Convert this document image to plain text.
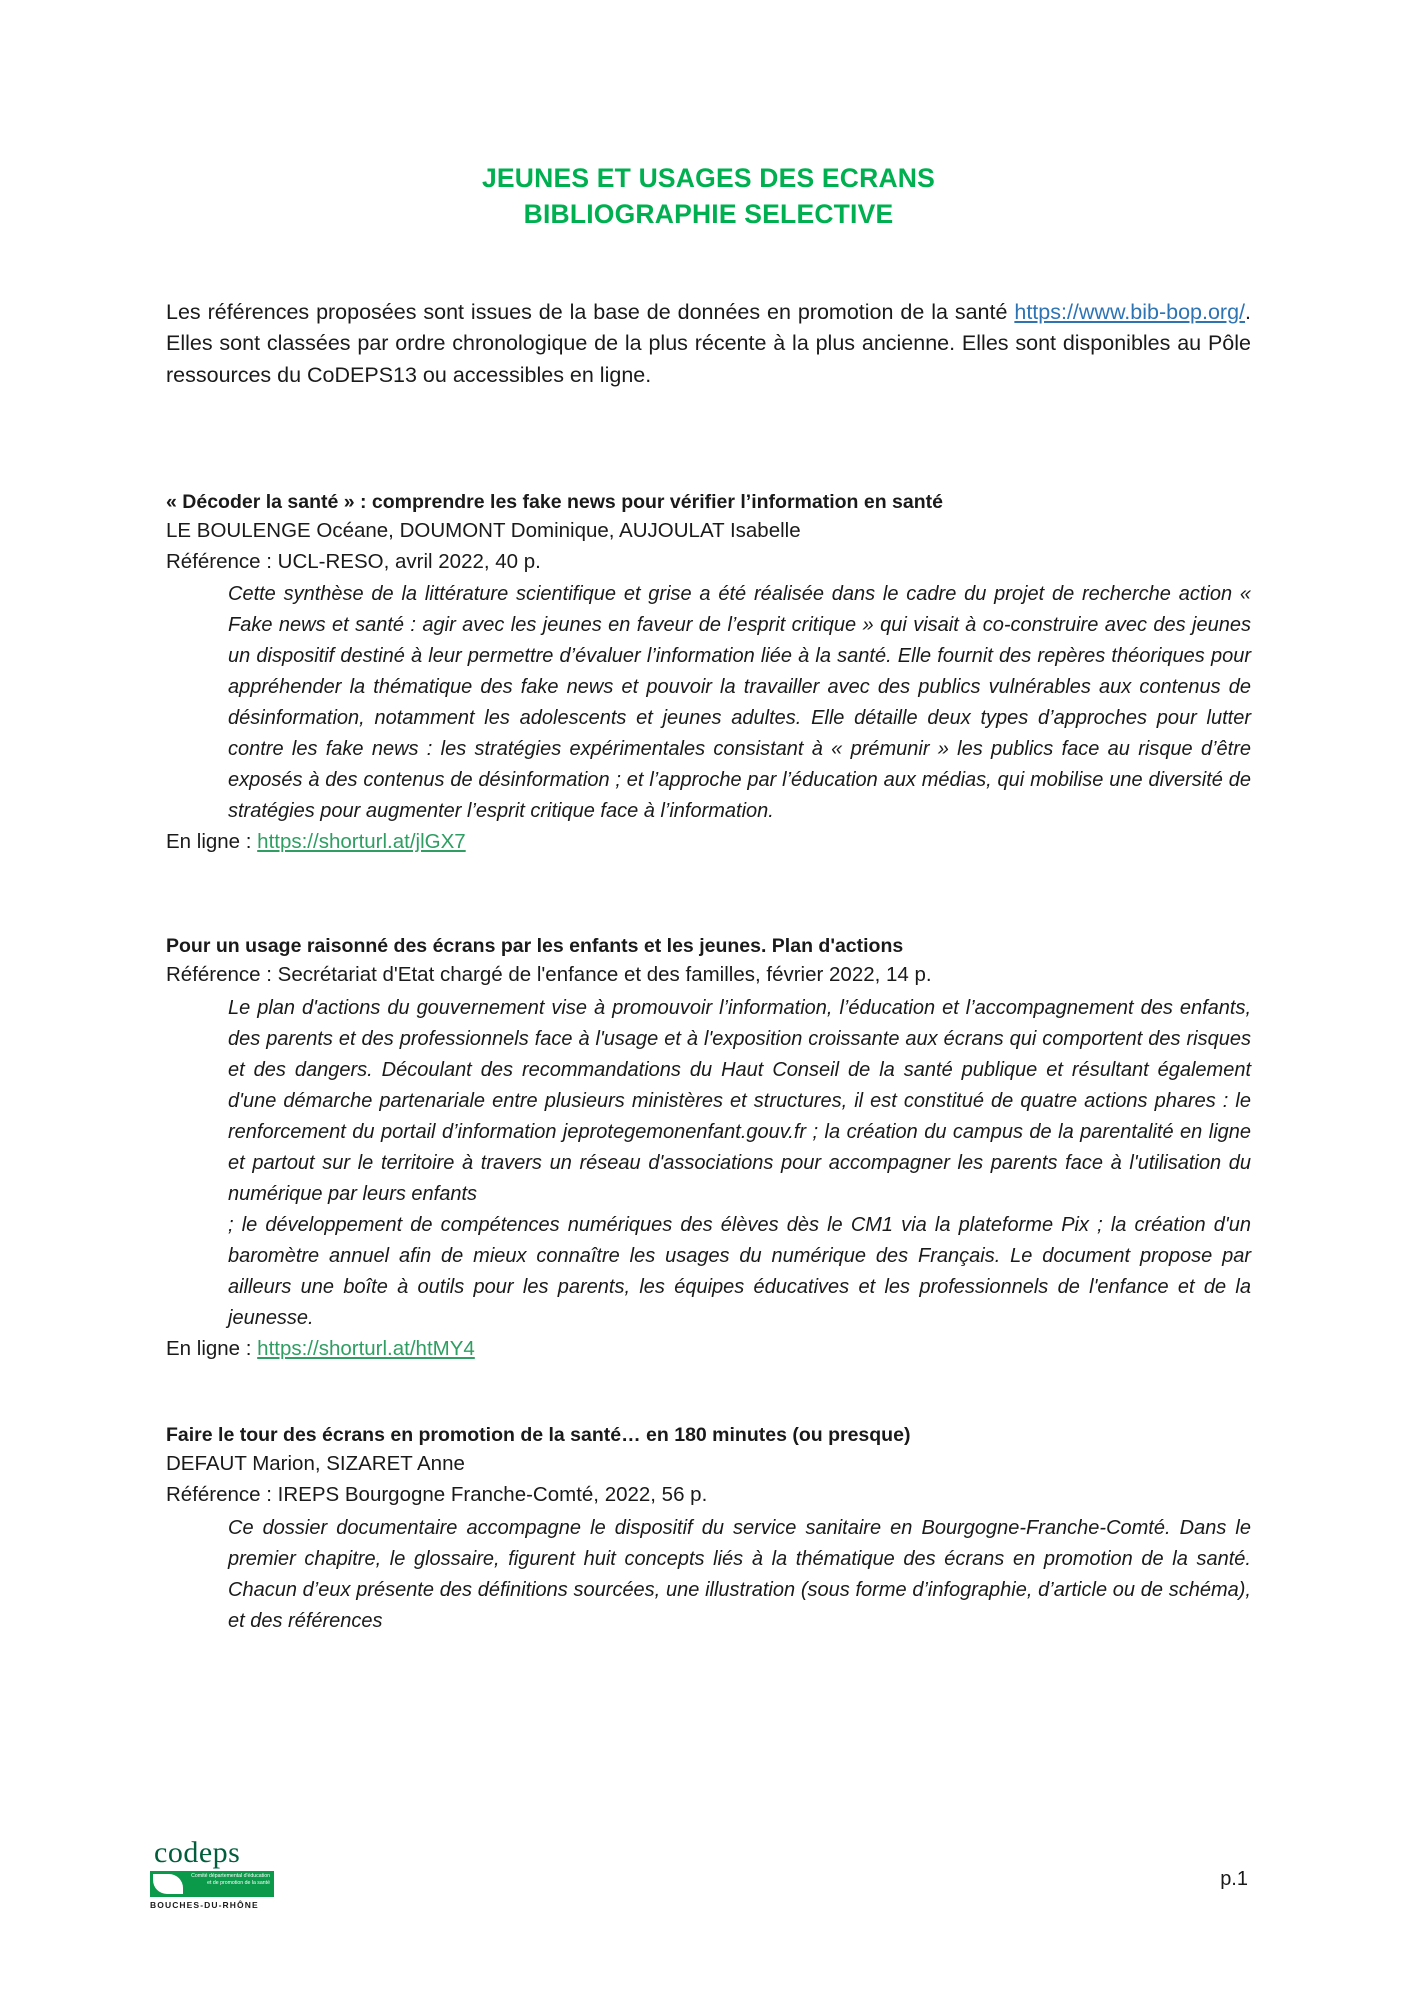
JEUNES ET USAGES DES ECRANS
BIBLIOGRAPHIE SELECTIVE

Les références proposées sont issues de la base de données en promotion de la santé https://www.bib-bop.org/. Elles sont classées par ordre chronologique de la plus récente à la plus ancienne. Elles sont disponibles au Pôle ressources du CoDEPS13 ou accessibles en ligne.

« Décoder la santé » : comprendre les fake news pour vérifier l’information en santé
LE BOULENGE Océane, DOUMONT Dominique, AUJOULAT Isabelle
Référence : UCL-RESO, avril 2022, 40 p.

Cette synthèse de la littérature scientifique et grise a été réalisée dans le cadre du projet de recherche action « Fake news et santé : agir avec les jeunes en faveur de l’esprit critique » qui visait à co-construire avec des jeunes un dispositif destiné à leur permettre d’évaluer l’information liée à la santé. Elle fournit des repères théoriques pour appréhender la thématique des fake news et pouvoir la travailler avec des publics vulnérables aux contenus de désinformation, notamment les adolescents et jeunes adultes. Elle détaille deux types d’approches pour lutter contre les fake news : les stratégies expérimentales consistant à « prémunir » les publics face au risque d’être exposés à des contenus de désinformation ; et l’approche par l’éducation aux médias, qui mobilise une diversité de stratégies pour augmenter l’esprit critique face à l’information.

En ligne : https://shorturl.at/jlGX7
Pour un usage raisonné des écrans par les enfants et les jeunes. Plan d'actions
Référence : Secrétariat d'Etat chargé de l'enfance et des familles, février 2022, 14 p.

Le plan d'actions du gouvernement vise à promouvoir l’information, l’éducation et l’accompagnement des enfants, des parents et des professionnels face à l'usage et à l'exposition croissante aux écrans qui comportent des risques et des dangers. Découlant des recommandations du Haut Conseil de la santé publique et résultant également d'une démarche partenariale entre plusieurs ministères et structures, il est constitué de quatre actions phares : le renforcement du portail d’information jeprotegemonenfant.gouv.fr ; la création du campus de la parentalité en ligne et partout sur le territoire à travers un réseau d'associations pour accompagner les parents face à l'utilisation du numérique par leurs enfants

; le développement de compétences numériques des élèves dès le CM1 via la plateforme Pix ; la création d'un baromètre annuel afin de mieux connaître les usages du numérique des Français. Le document propose par ailleurs une boîte à outils pour les parents, les équipes éducatives et les professionnels de l'enfance et de la jeunesse.

En ligne : https://shorturl.at/htMY4
Faire le tour des écrans en promotion de la santé… en 180 minutes (ou presque)
DEFAUT Marion, SIZARET Anne
Référence : IREPS Bourgogne Franche-Comté, 2022, 56 p.

Ce dossier documentaire accompagne le dispositif du service sanitaire en Bourgogne-Franche-Comté. Dans le premier chapitre, le glossaire, figurent huit concepts liés à la thématique des écrans en promotion de la santé. Chacun d’eux présente des définitions sourcées, une illustration (sous forme d’infographie, d’article ou de schéma), et des références

codeps
Comité départemental d'éducation et de promotion de la santé
BOUCHES-DU-RHÔNE
p.1
